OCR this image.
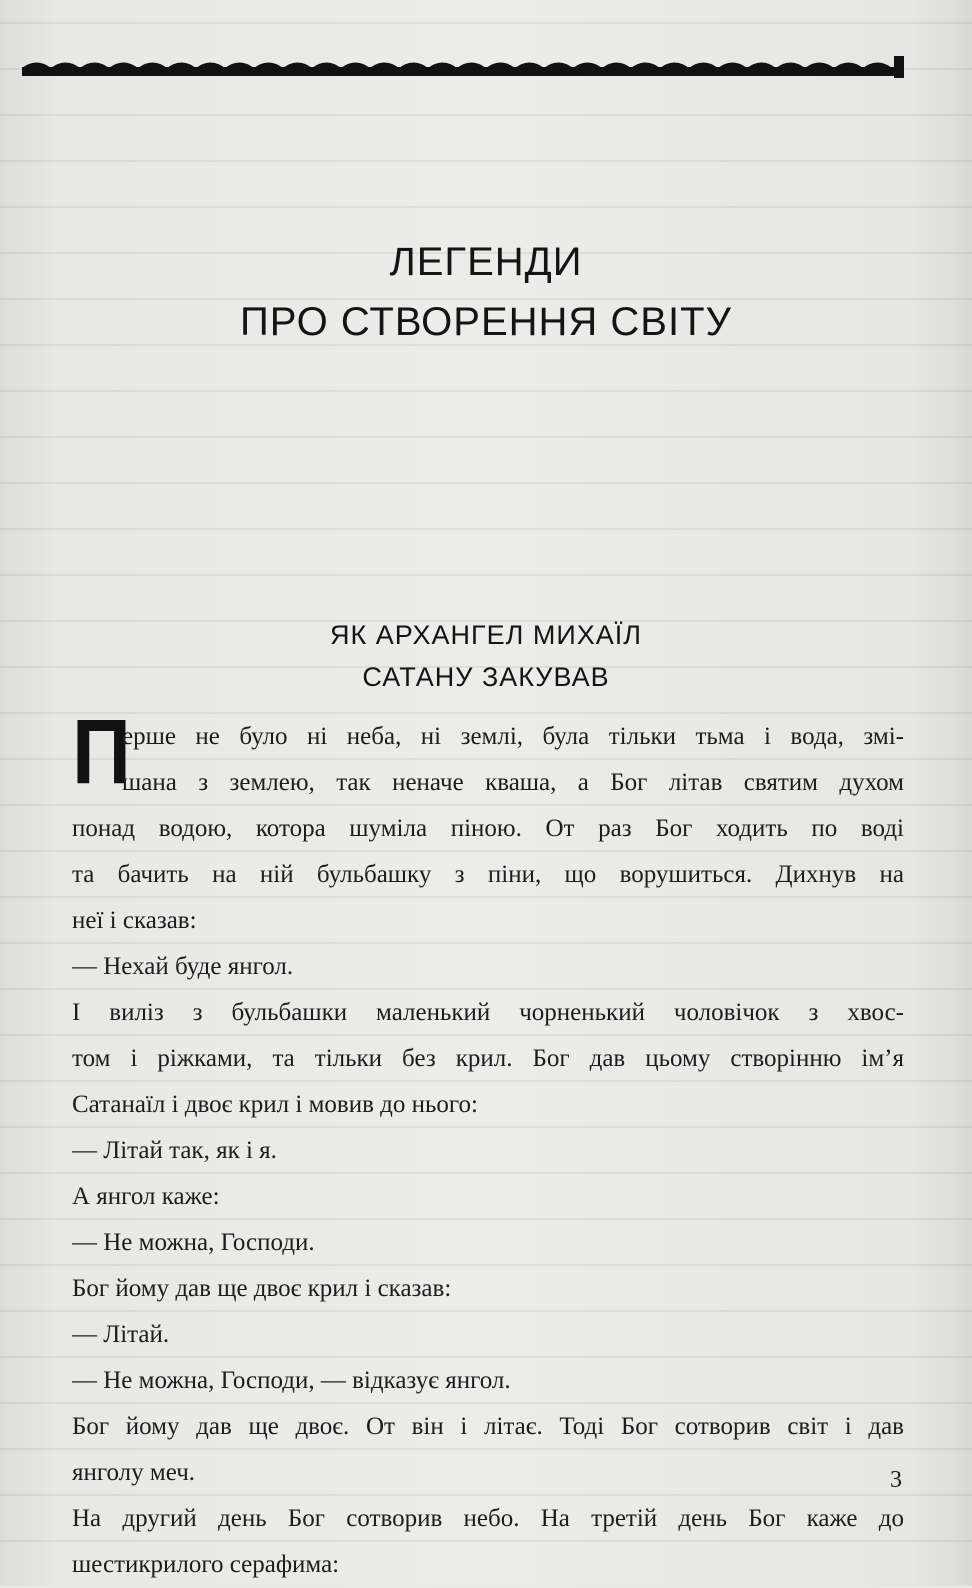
ЛЕГЕНДИ
ПРО СТВОРЕННЯ СВІТУ
ЯК АРХАНГЕЛ МИХАЇЛ
САТАНУ ЗАКУВАВ
П
ерше не було ні неба, ні землі, була тільки тьма і вода, змі-
шана з землею, так неначе кваша, а Бог літав святим духом
понад водою, котора шуміла піною. От раз Бог ходить по воді
та бачить на ній бульбашку з піни, що ворушиться. Дихнув на
неї і сказав:
— Нехай буде янгол.
І виліз з бульбашки маленький чорненький чоловічок з хвос-
том і ріжками, та тільки без крил. Бог дав цьому створінню ім’я
Сатанаїл і двоє крил і мовив до нього:
— Літай так, як і я.
А янгол каже:
— Не можна, Господи.
Бог йому дав ще двоє крил і сказав:
— Літай.
— Не можна, Господи, — відказує янгол.
Бог йому дав ще двоє. От він і літає. Тоді Бог сотворив світ і дав
янголу меч.
На другий день Бог сотворив небо. На третій день Бог каже до
шестикрилого серафима:
3
